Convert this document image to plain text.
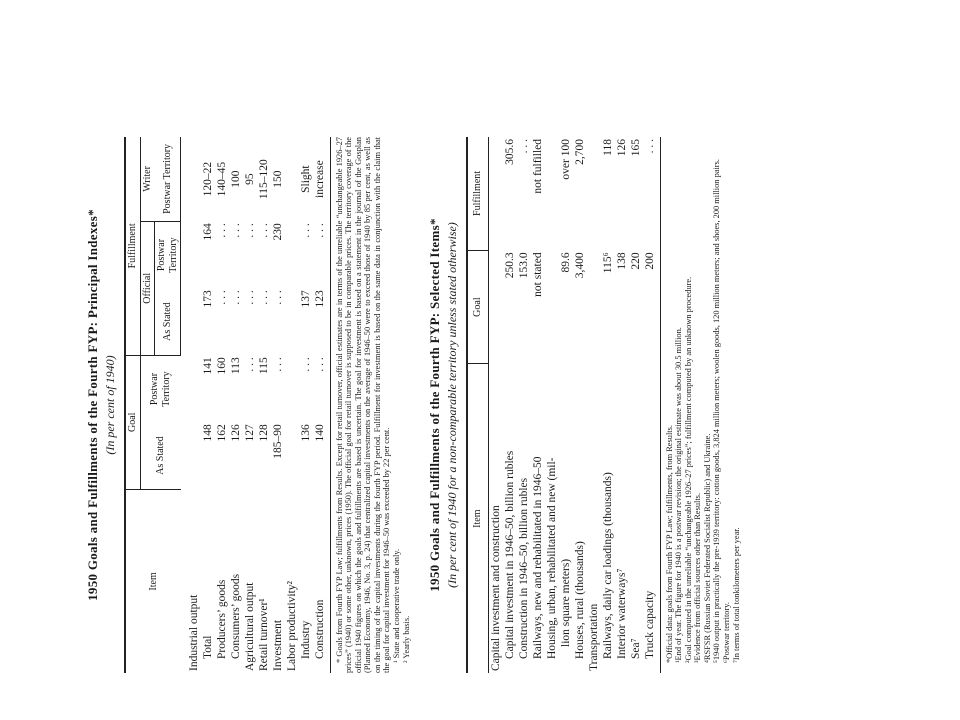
1950 Goals and Fulfillments of the Fourth FYP: Principal Indexes* (In per cent of 1940)
Item	Goal		Fulfillment		
	As Stated	Postwar Territory	Official		Writer
			As Stated	Postwar Territory	Postwar Territory

Industrial output					
Total	148	141	173	164	120–22
Producers’ goods	162	160	. . .	. . .	140–45
Consumers’ goods	126	113	. . .	. . .	100
Agricultural output	127	. . .	. . .	. . .	95
Retail turnover¹	128	115	. . .	. . .	115–120
Investment	185–90	. . .	. . .	230	150
Labor productivity²					
Industry	136	. . .	137	. . .	Slight
Construction	140	. . .	123	. . .	increase * Goals from Fourth FYP Law; fulfillments from Results. Except for retail turnover, official estimates are in terms of the unreliable “unchangeable 1926–27 prices” (1940) or some other, unknown, prices (1950). The official goal for retail turnover is supposed to be in comparable prices. The territory coverage of the official 1940 figures on which the goals and fulfillments are based is uncertain. The goal for investment is based on a statement in the journal of the Gosplan (Planned Economy, 1946, No. 3, p. 24) that centralized capital investments on the average of 1946–50 were to exceed those of 1940 by 85 per cent, as well as on the timing of the capital investments during the fourth FYP period. Fulfillment for investment is based on the same data in conjunction with the claim that the goal for capital investment for 1946–50 was exceeded by 22 per cent. ¹ State and cooperative trade only. ² Yearly basis.

1950 Goals and Fulfillments of the Fourth FYP: Selected Items* (In per cent of 1940 for a non-comparable territory unless stated otherwise) Item	Goal	Fulfillment
Capital investment and construction		
Capital investment in 1946–50, billion rubles	250.3	305.6
Construction in 1946–50, billion rubles	153.0	. . .
Railways, new and rehabilitated in 1946–50	not stated	not fulfilled
Housing, urban, rehabilitated and new (mil-		
lion square meters)	89.6	over 100
Houses, rural (thousands)	3,400	2,700
Transportation		
Railways, daily car loadings (thousands)	115⁶	118
Interior waterways⁷	138	126
Sea⁷	220	165
Truck capacity	200	. . .

*Official data: goals from Fourth FYP Law; fulfillments, from Results. ¹End of year. The figure for 1940 is a postwar revision; the original estimate was about 30.5 million. ²Goal computed in the unreliable “unchangeable 1926–27 prices”; fulfillment computed by an unknown procedure. ³Evidence from official sources other than Results. ⁴RSFSR (Russian Soviet Federated Socialist Republic) and Ukraine. ⁵1940 output in practically the pre-1939 territory: cotton goods, 3,824 million meters; woolen goods, 120 million meters; and shoes, 200 million pairs. ⁶Postwar territory. ⁷In terms of total tonkilometers per year.
